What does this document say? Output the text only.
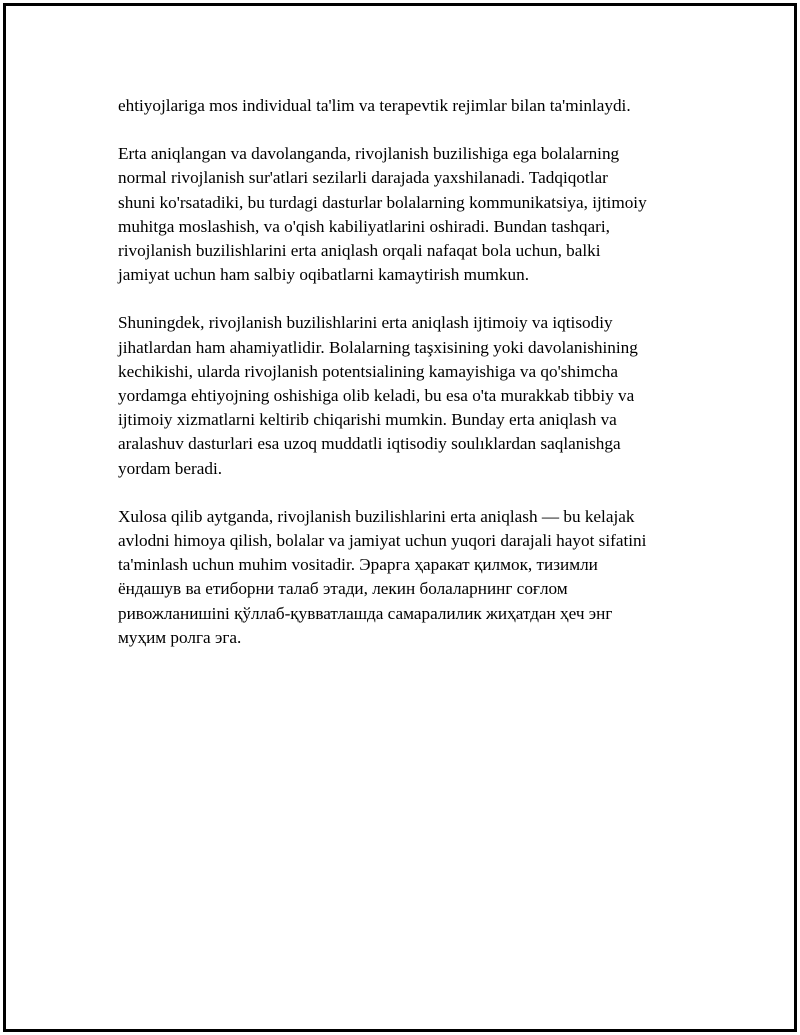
ehtiyojlariga mos individual ta'lim va terapevtik rejimlar bilan ta'minlaydi.

Erta aniqlangan va davolanganda, rivojlanish buzilishiga ega bolalarning
normal rivojlanish sur'atlari sezilarli darajada yaxshilanadi. Tadqiqotlar
shuni ko'rsatadiki, bu turdagi dasturlar bolalarning kommunikatsiya, ijtimoiy
muhitga moslashish, va o'qish kabiliyatlarini oshiradi. Bundan tashqari,
rivojlanish buzilishlarini erta aniqlash orqali nafaqat bola uchun, balki
jamiyat uchun ham salbiy oqibatlarni kamaytirish mumkun.

Shuningdek, rivojlanish buzilishlarini erta aniqlash ijtimoiy va iqtisodiy
jihatlardan ham ahamiyatlidir. Bolalarning taşxisining yoki davolanishining
kechikishi, ularda rivojlanish potentsialining kamayishiga va qo'shimcha
yordamga ehtiyojning oshishiga olib keladi, bu esa o'ta murakkab tibbiy va
ijtimoiy xizmatlarni keltirib chiqarishi mumkin. Bunday erta aniqlash va
aralashuv dasturlari esa uzoq muddatli iqtisodiy soulıklardan saqlanishga
yordam beradi.

Xulosa qilib aytganda, rivojlanish buzilishlarini erta aniqlash — bu kelajak
avlodni himoya qilish, bolalar va jamiyat uchun yuqori darajali hayot sifatini
ta'minlash uchun muhim vositadir. Эрарга ҳаракат қилмок, тизимли
ёндашув ва етиборни талаб этади, лекин болаларнинг соғлом
ривожланишini қўллаб-қувватлашда самаралилик жиҳатдан ҳеч энг
муҳим ролга эга.
